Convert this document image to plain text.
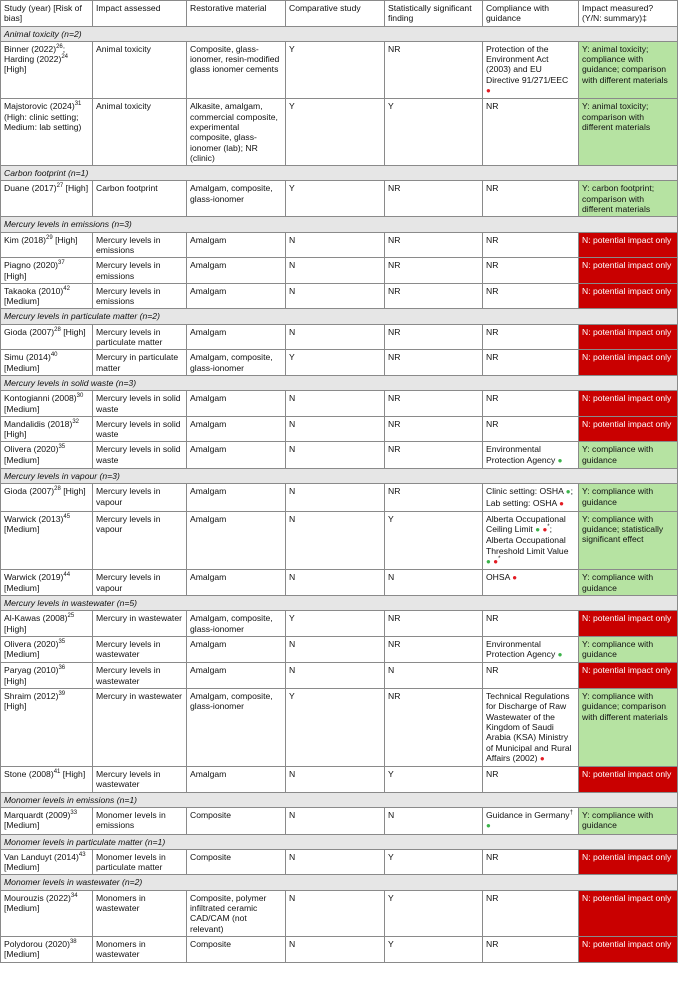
Study (year) [Risk of bias]	Impact assessed	Restorative material	Comparative study	Statistically significant finding	Compliance with guidance	Impact measured? (Y/N: summary)‡
Animal toxicity (n=2)						
Binner $(2022)^{26}$; Harding $(2022)^{24}$ [High]	Animal toxicity	Composite, glass-ionomer, resin-modified glass ionomer cements	Y	NR	Protection of the Environment Act (2003) and EU Directive 91/271/EEC ●	Y: animal toxicity; compliance with guidance; comparison with different materials
Majstorovic $(2024)^{31}$ (High: clinic setting; Medium: lab setting)	Animal toxicity	Alkasite, amalgam, commercial composite, experimental composite, glass-ionomer (lab); NR (clinic)	Y	Y	NR	Y: animal toxicity; comparison with different materials
Carbon footprint (n=1)						
Duane $(2017)^{27}$ [High]	Carbon footprint	Amalgam, composite, glass-ionomer	Y	NR	NR	Y: carbon footprint; comparison with different materials
Mercury levels in emissions (n=3)						
Kim $(2018)^{29}$ [High]	Mercury levels in emissions	Amalgam	N	NR	NR	N: potential impact only
Piagno $(2020)^{37}$ [High]	Mercury levels in emissions	Amalgam	N	NR	NR	N: potential impact only
Takaoka $(2010)^{42}$ [Medium]	Mercury levels in emissions	Amalgam	N	NR	NR	N: potential impact only
Mercury levels in particulate matter (n=2)						
Gioda $(2007)^{28}$ [High]	Mercury levels in particulate matter	Amalgam	N	NR	NR	N: potential impact only
Simu $(2014)^{40}$ [Medium]	Mercury in particulate matter	Amalgam, composite, glass-ionomer	Y	NR	NR	N: potential impact only
Mercury levels in solid waste (n=3)						
Kontogianni $(2008)^{30}$ [Medium]	Mercury levels in solid waste	Amalgam	N	NR	NR	N: potential impact only
Mandalidis $(2018)^{32}$ [High]	Mercury levels in solid waste	Amalgam	N	NR	NR	N: potential impact only
Olivera $(2020)^{35}$ [Medium]	Mercury levels in solid waste	Amalgam	N	NR	Environmental Protection Agency ●	Y: compliance with guidance
Mercury levels in vapour (n=3)						
Gioda $(2007)^{28}$ [High]	Mercury levels in vapour	Amalgam	N	NR	Clinic setting: OSHA ●; Lab setting: OSHA ●	Y: compliance with guidance
Warwick $(2013)^{45}$ [Medium]	Mercury levels in vapour	Amalgam	N	Y	Alberta Occupational Ceiling Limit ● ●*; Alberta Occupational Threshold Limit Value ● ●*	Y: compliance with guidance; statistically significant effect
Warwick $(2019)^{44}$ [Medium]	Mercury levels in vapour	Amalgam	N	N	OHSA ●	Y: compliance with guidance
Mercury levels in wastewater (n=5)						
Al-Kawas $(2008)^{25}$ [High]	Mercury in wastewater	Amalgam, composite, glass-ionomer	Y	NR	NR	N: potential impact only
Olivera $(2020)^{35}$ [Medium]	Mercury levels in wastewater	Amalgam	N	NR	Environmental Protection Agency ●	Y: compliance with guidance
Paryag $(2010)^{36}$ [High]	Mercury levels in wastewater	Amalgam	N	N	NR	N: potential impact only
Shraim $(2012)^{39}$ [High]	Mercury in wastewater	Amalgam, composite, glass-ionomer	Y	NR	Technical Regulations for Discharge of Raw Wastewater of the Kingdom of Saudi Arabia (KSA) Ministry of Municipal and Rural Affairs (2002) ●	Y: compliance with guidance; comparison with different materials
Stone $(2008)^{41}$ [High]	Mercury levels in wastewater	Amalgam	N	Y	NR	N: potential impact only
Monomer levels in emissions (n=1)						
Marquardt $(2009)^{33}$ [Medium]	Monomer levels in emissions	Composite	N	N	Guidance in Germany† ●	Y: compliance with guidance
Monomer levels in particulate matter (n=1)						
Van Landuyt $(2014)^{43}$ [Medium]	Monomer levels in particulate matter	Composite	N	Y	NR	N: potential impact only
Monomer levels in wastewater (n=2)						
Mourouzis $(2022)^{34}$ [Medium]	Monomers in wastewater	Composite, polymer infiltrated ceramic CAD/CAM (not relevant)	N	Y	NR	N: potential impact only
Polydorou $(2020)^{38}$ [Medium]	Monomers in wastewater	Composite	N	Y	NR	N: potential impact only
